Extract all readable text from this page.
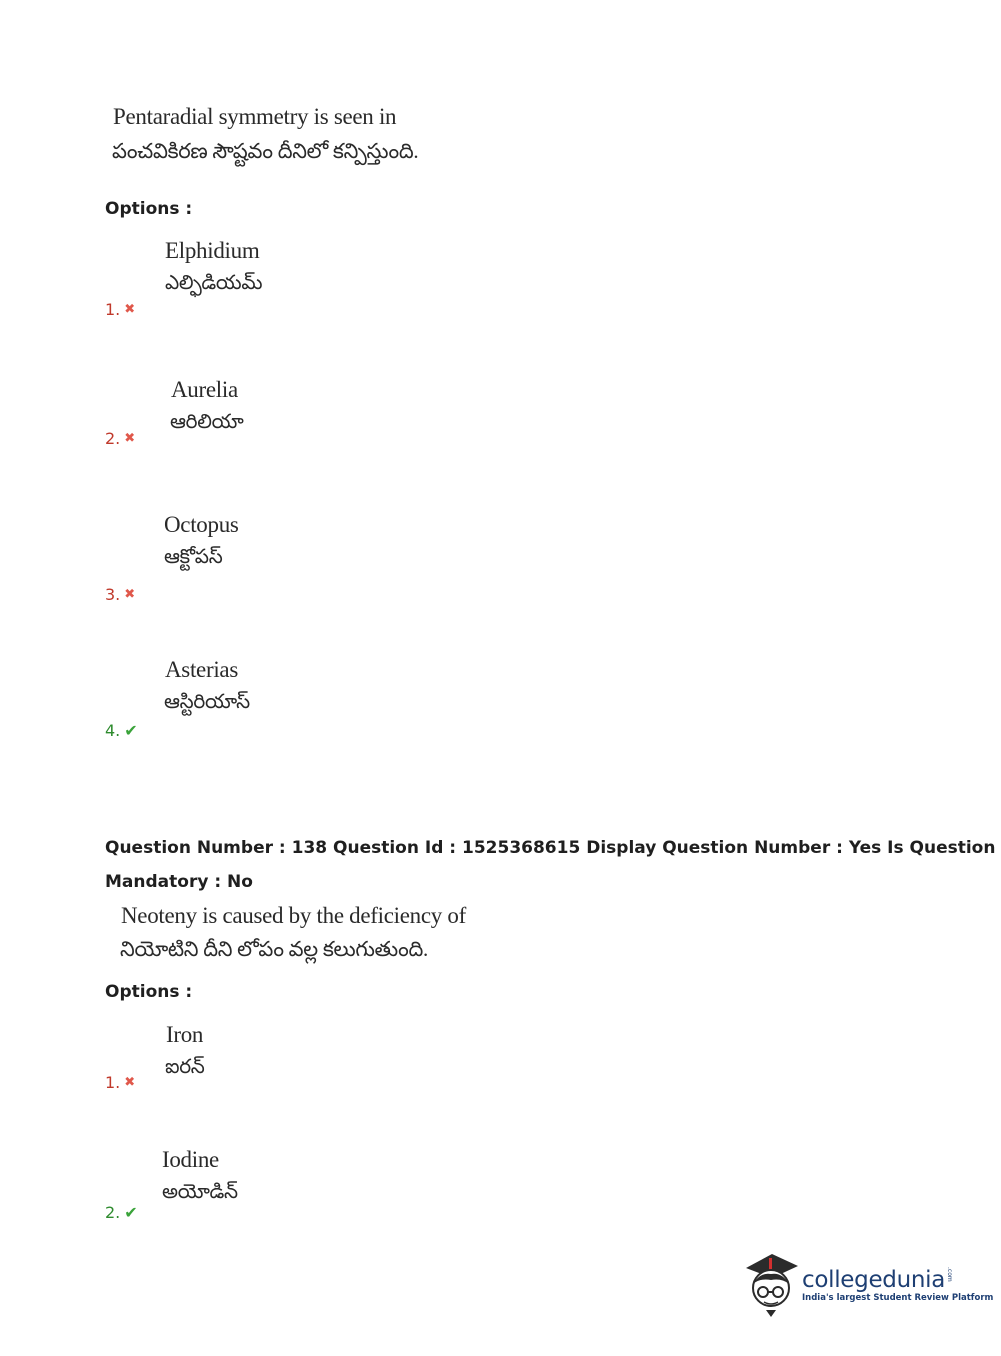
Pentaradial symmetry is seen in
పంచవికిరణ సౌష్టవం దీనిలో కన్పిస్తుంది.
Options :
Elphidium
ఎల్ఫిడియమ్
1. ✖
Aurelia
ఆరిలియా
2. ✖
Octopus
ఆక్టోపస్
3. ✖
Asterias
ఆస్టిరియాస్
4. ✔
Question Number : 138 Question Id : 1525368615 Display Question Number : Yes Is Question
Mandatory : No
Neoteny is caused by the deficiency of
నియోటిని దీని లోపం వల్ల కలుగుతుంది.
Options :
Iron
ఐరన్
1. ✖
Iodine
అయోడిన్
2. ✔
collegedunia .com
India's largest Student Review Platform
